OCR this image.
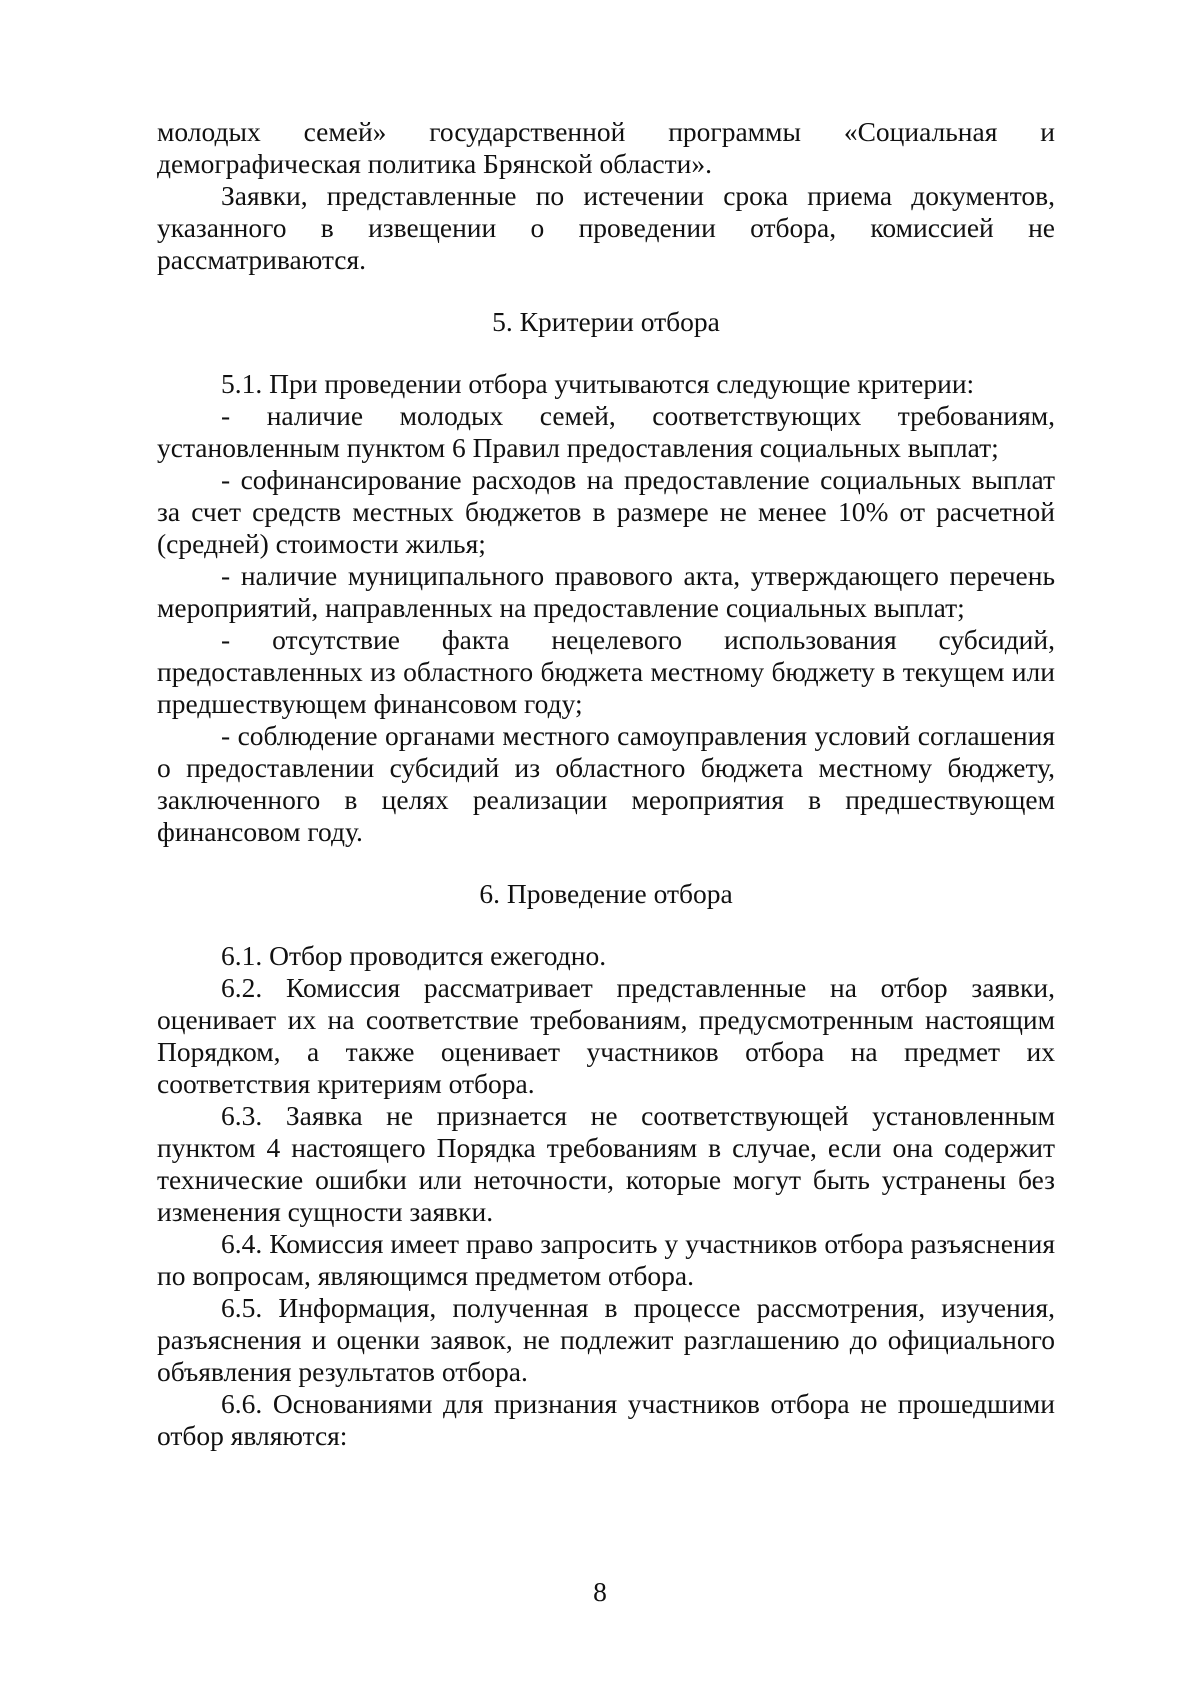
молодых семей» государственной программы «Социальная и демографическая политика Брянской области».

Заявки, представленные по истечении срока приема документов, указанного в извещении о проведении отбора, комиссией не рассматриваются.

5. Критерии отбора

5.1. При проведении отбора учитываются следующие критерии:

- наличие молодых семей, соответствующих требованиям, установленным пунктом 6 Правил предоставления социальных выплат;

- софинансирование расходов на предоставление социальных выплат за счет средств местных бюджетов в размере не менее 10% от расчетной (средней) стоимости жилья;

- наличие муниципального правового акта, утверждающего перечень мероприятий, направленных на предоставление социальных выплат;

- отсутствие факта нецелевого использования субсидий, предоставленных из областного бюджета местному бюджету в текущем или предшествующем финансовом году;

- соблюдение органами местного самоуправления условий соглашения о предоставлении субсидий из областного бюджета местному бюджету, заключенного в целях реализации мероприятия в предшествующем финансовом году.

6. Проведение отбора

6.1. Отбор проводится ежегодно.

6.2. Комиссия рассматривает представленные на отбор заявки, оценивает их на соответствие требованиям, предусмотренным настоящим Порядком, а также оценивает участников отбора на предмет их соответствия критериям отбора.

6.3. Заявка не признается не соответствующей установленным пунктом 4 настоящего Порядка требованиям в случае, если она содержит технические ошибки или неточности, которые могут быть устранены без изменения сущности заявки.

6.4. Комиссия имеет право запросить у участников отбора разъяснения по вопросам, являющимся предметом отбора.

6.5. Информация, полученная в процессе рассмотрения, изучения, разъяснения и оценки заявок, не подлежит разглашению до официального объявления результатов отбора.

6.6. Основаниями для признания участников отбора не прошедшими отбор являются:

8
